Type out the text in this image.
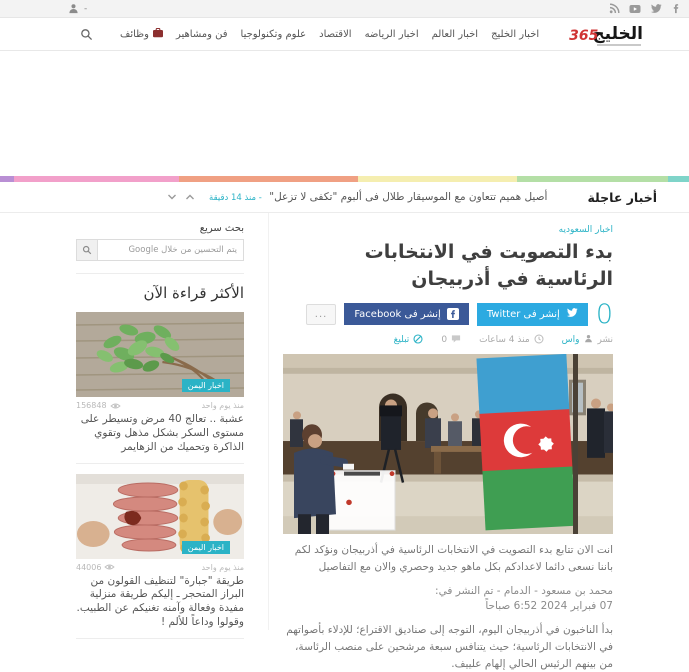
-
الخليج
365
اخبار الخليج
اخبار العالم
اخبار الرياضه
الاقتصاد
علوم وتكنولوجيا
فن ومشاهير
وظائف
أخبار عاجلة
أصيل هميم تتعاون مع الموسيقار طلال فى ألبوم "تكفى لا تزعل" - منذ 14 دقيقة
اخبار السعوديه
بدء التصويت في الانتخابات الرئاسية في أذربيجان
0
إنشر فى Twitter
إنشر فى Facebook
...
نشر
واس
منذ 4 ساعات
0
تبليغ

انت الان تتابع بدء التصويت في الانتخابات الرئاسية في أذربيجان ونؤكد لكم باننا نسعى دائما لاعدادكم بكل ماهو جديد وحصري والان مع التفاصيل

محمد بن مسعود - الدمام - تم النشر في:
07 فبراير 2024 6:52 صباحاً

بدأ الناخبون في أذربيجان اليوم، التوجه إلى صناديق الاقتراع؛ للإدلاء بأصواتهم في الانتخابات الرئاسية؛ حيث يتنافس سبعة مرشحين على منصب الرئاسة، من بينهم الرئيس الحالي إلهام علييف.

بحث سريع
يتم التحسين من خلال Google
الأكثر قراءة الآن
اخبار اليمن
منذ يوم واحد
156848
عشبة .. تعالج 40 مرض وتسيطر على مستوى السكر بشكل مذهل وتقوي الذاكرة وتحميك من الزهايمر
اخبار اليمن
منذ يوم واحد
44006
طريقة "جبارة" لتنظيف القولون من البراز المتحجر ـ إليكم طريقة منزلية مفيدة وفعالة وآمنه تغنيكم عن الطبيب. وقولوا وداعاً للألم !
